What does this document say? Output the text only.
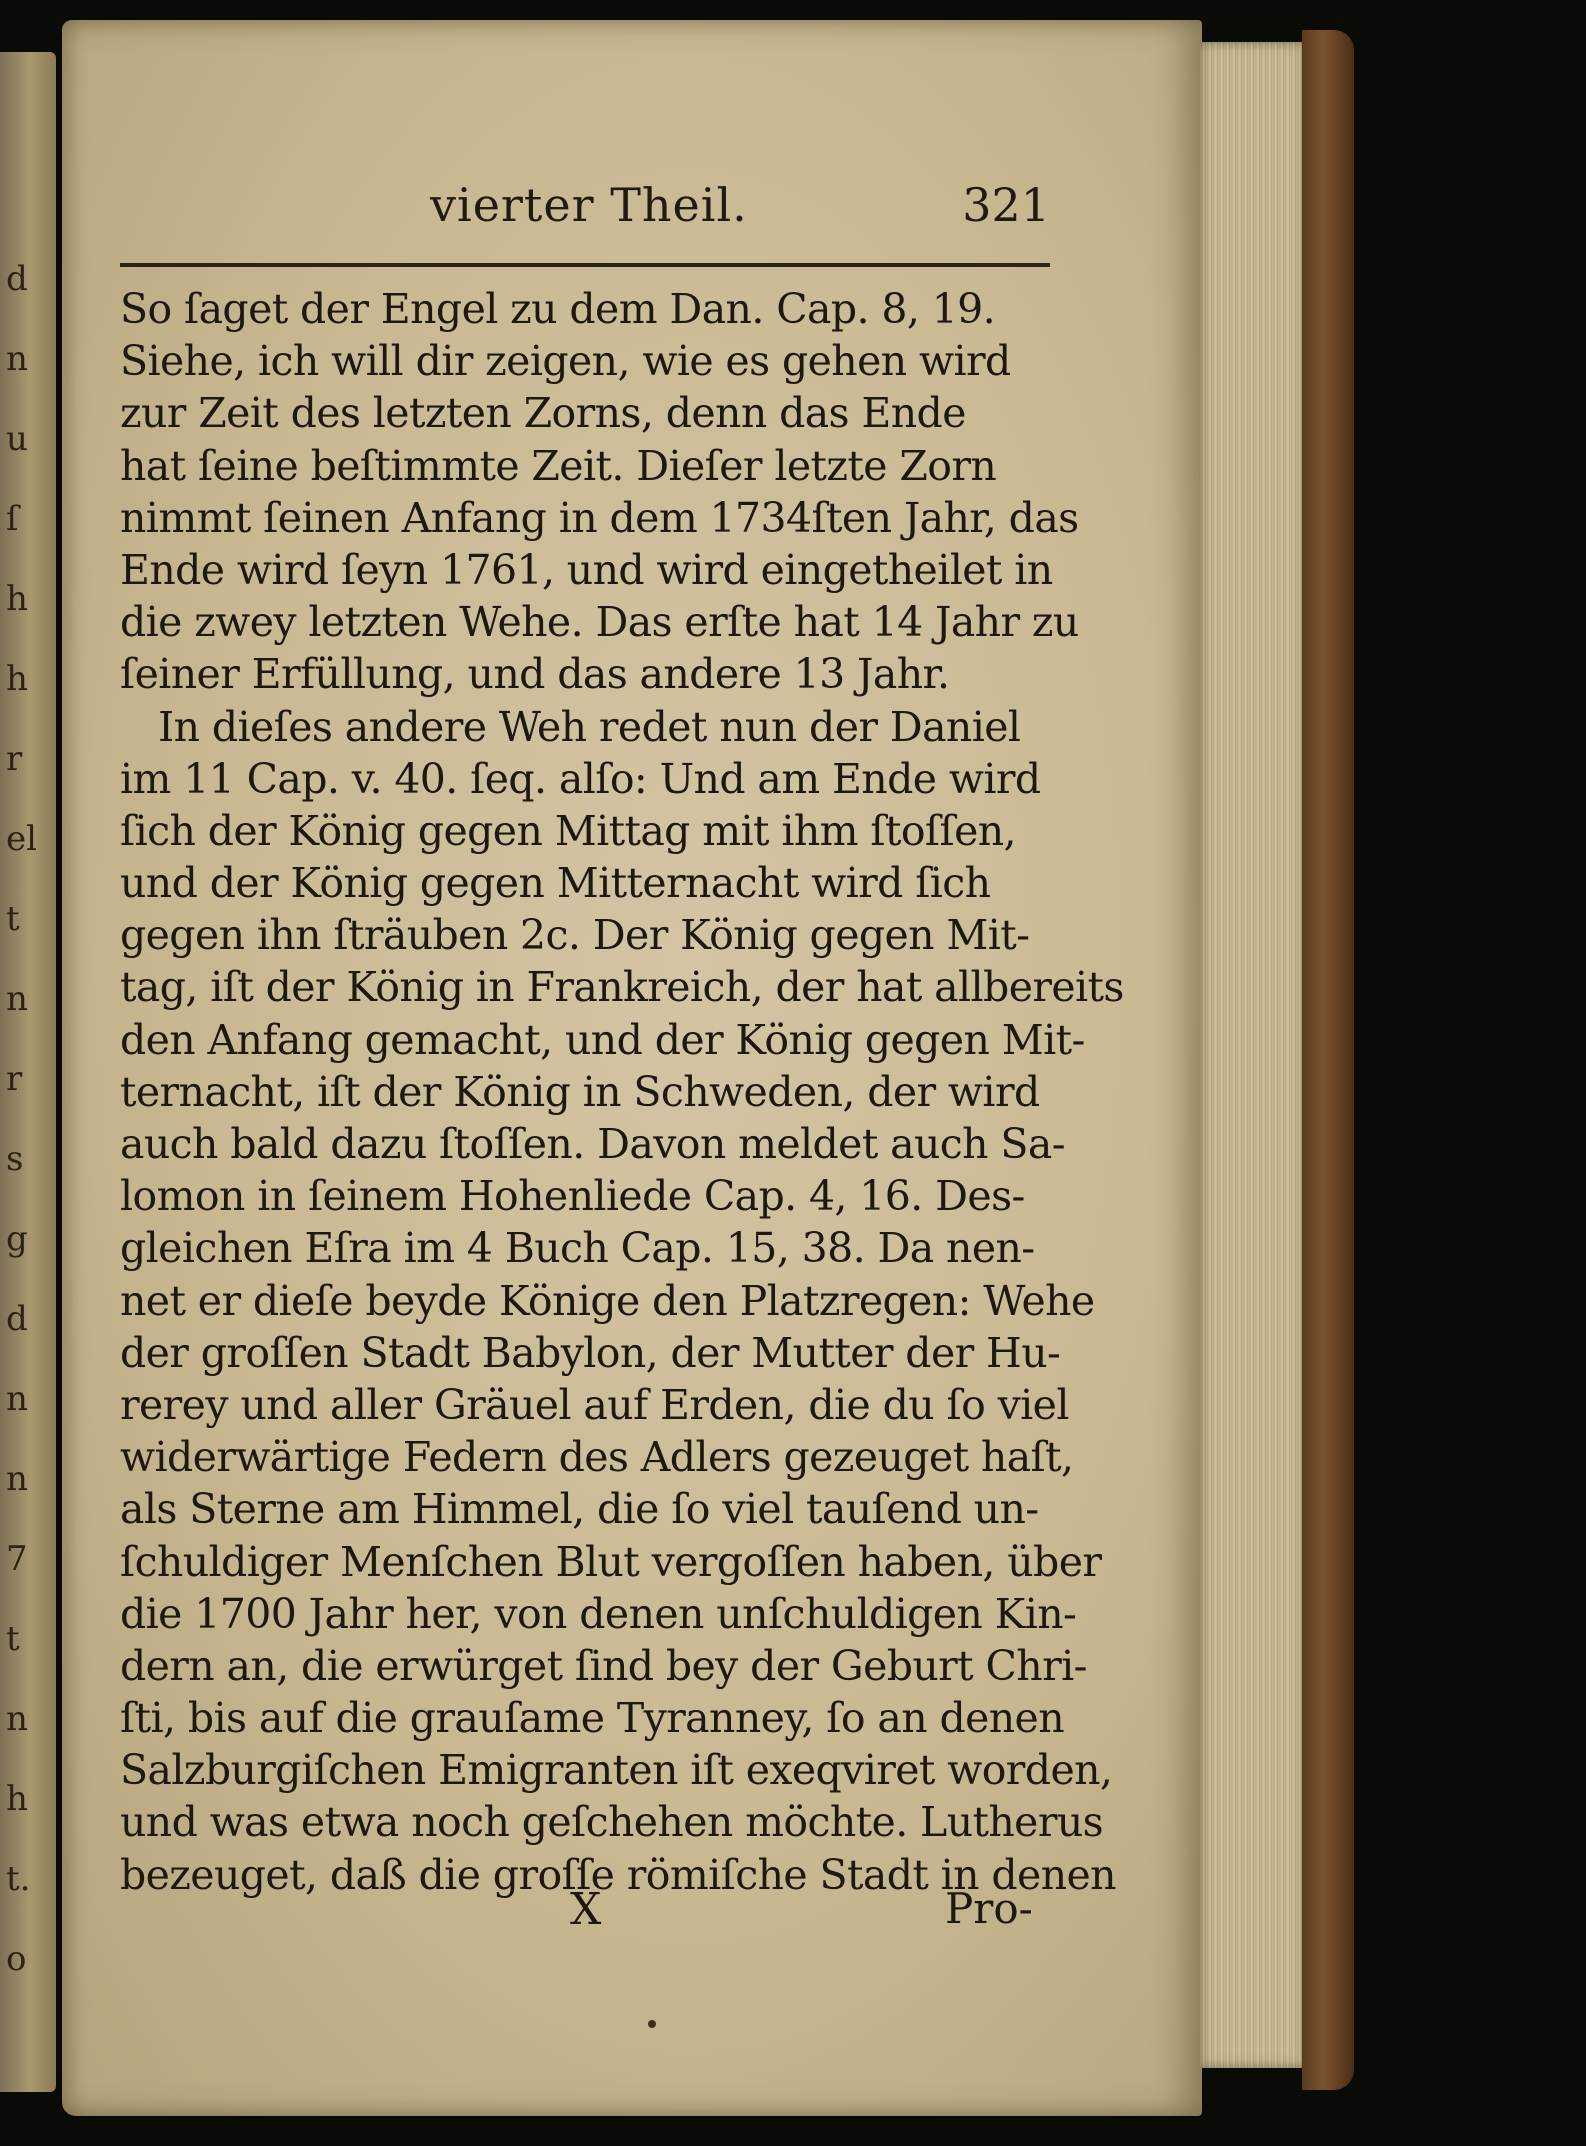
d
n
u
ſ
h
h
r
el
t
n
r
s
g
d
n
n
7
t
n
h
t.
o
vierter Theil.	321
So ſaget der Engel zu dem Dan. Cap. 8, 19.
Siehe, ich will dir zeigen, wie es gehen wird
zur Zeit des letzten Zorns, denn das Ende
hat ſeine beſtimmte Zeit. Dieſer letzte Zorn
nimmt ſeinen Anfang in dem 1734ſten Jahr, das
Ende wird ſeyn 1761, und wird eingetheilet in
die zwey letzten Wehe. Das erſte hat 14 Jahr zu
ſeiner Erfüllung, und das andere 13 Jahr.
In dieſes andere Weh redet nun der Daniel
im 11 Cap. v. 40. ſeq. alſo: Und am Ende wird
ſich der König gegen Mittag mit ihm ſtoſſen,
und der König gegen Mitternacht wird ſich
gegen ihn ſträuben 2c. Der König gegen Mit-
tag, iſt der König in Frankreich, der hat allbereits
den Anfang gemacht, und der König gegen Mit-
ternacht, iſt der König in Schweden, der wird
auch bald dazu ſtoſſen. Davon meldet auch Sa-
lomon in ſeinem Hohenliede Cap. 4, 16. Des-
gleichen Eſra im 4 Buch Cap. 15, 38. Da nen-
net er dieſe beyde Könige den Platzregen: Wehe
der groſſen Stadt Babylon, der Mutter der Hu-
rerey und aller Gräuel auf Erden, die du ſo viel
widerwärtige Federn des Adlers gezeuget haſt,
als Sterne am Himmel, die ſo viel tauſend un-
ſchuldiger Menſchen Blut vergoſſen haben, über
die 1700 Jahr her, von denen unſchuldigen Kin-
dern an, die erwürget ſind bey der Geburt Chri-
ſti, bis auf die grauſame Tyranney, ſo an denen
Salzburgiſchen Emigranten iſt exeqviret worden,
und was etwa noch geſchehen möchte. Lutherus
bezeuget, daß die groſſe römiſche Stadt in denen
X	Pro-
